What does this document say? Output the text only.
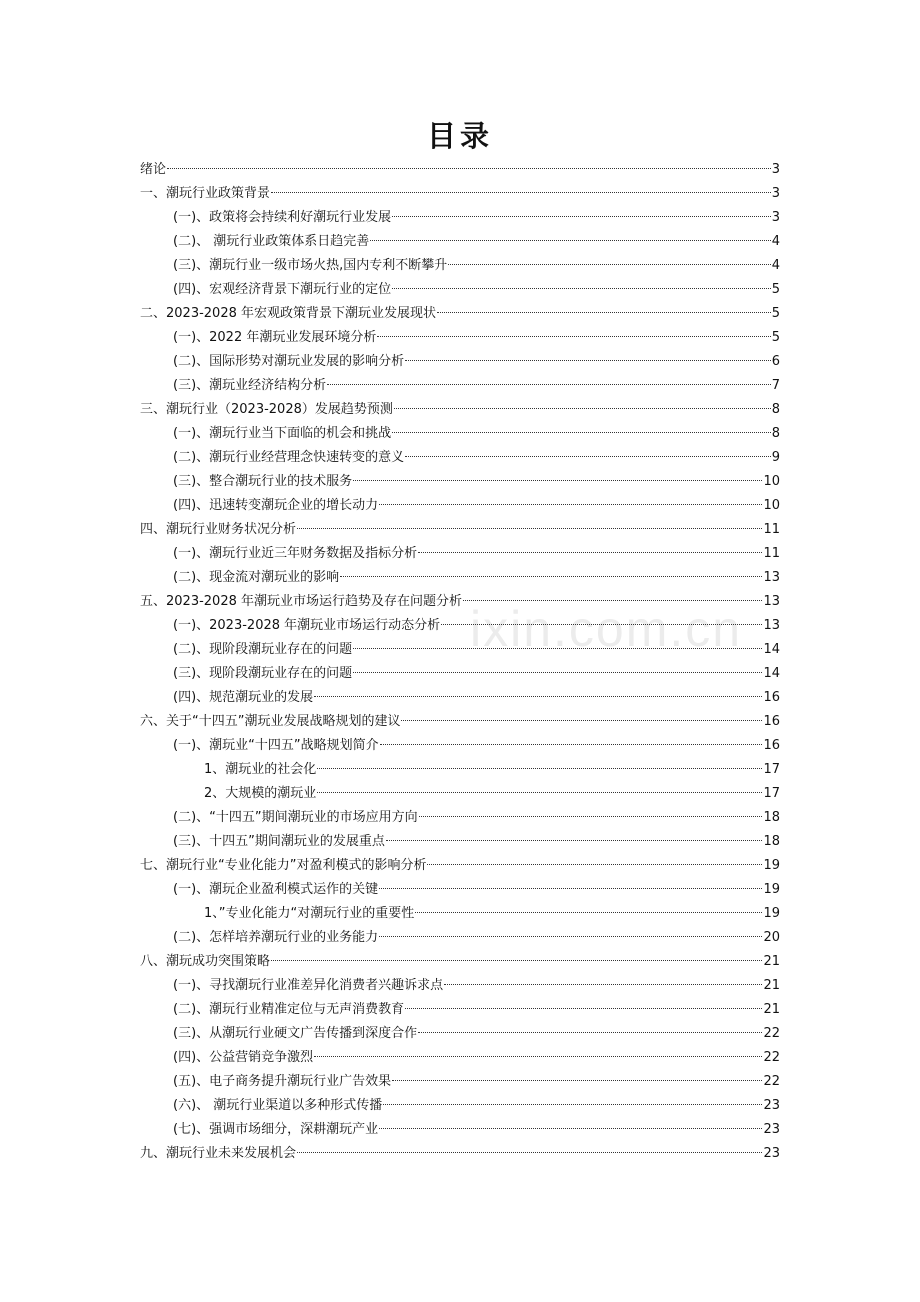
目录
ixin.com.cn
绪论	3
一、潮玩行业政策背景	3
(一)、政策将会持续利好潮玩行业发展	3
(二)、 潮玩行业政策体系日趋完善	4
(三)、潮玩行业一级市场火热,国内专利不断攀升	4
(四)、宏观经济背景下潮玩行业的定位	5
二、2023-2028 年宏观政策背景下潮玩业发展现状	5
(一)、2022 年潮玩业发展环境分析	5
(二)、国际形势对潮玩业发展的影响分析	6
(三)、潮玩业经济结构分析	7
三、潮玩行业（2023-2028）发展趋势预测	8
(一)、潮玩行业当下面临的机会和挑战	8
(二)、潮玩行业经营理念快速转变的意义	9
(三)、整合潮玩行业的技术服务	10
(四)、迅速转变潮玩企业的增长动力	10
四、潮玩行业财务状况分析	11
(一)、潮玩行业近三年财务数据及指标分析	11
(二)、现金流对潮玩业的影响	13
五、2023-2028 年潮玩业市场运行趋势及存在问题分析	13
(一)、2023-2028 年潮玩业市场运行动态分析	13
(二)、现阶段潮玩业存在的问题	14
(三)、现阶段潮玩业存在的问题	14
(四)、规范潮玩业的发展	16
六、关于“十四五”潮玩业发展战略规划的建议	16
(一)、潮玩业“十四五”战略规划简介	16
1、潮玩业的社会化	17
2、大规模的潮玩业	17
(二)、“十四五”期间潮玩业的市场应用方向	18
(三)、十四五”期间潮玩业的发展重点	18
七、潮玩行业“专业化能力”对盈利模式的影响分析	19
(一)、潮玩企业盈利模式运作的关键	19
1、”专业化能力“对潮玩行业的重要性	19
(二)、怎样培养潮玩行业的业务能力	20
八、潮玩成功突围策略	21
(一)、寻找潮玩行业准差异化消费者兴趣诉求点	21
(二)、潮玩行业精准定位与无声消费教育	21
(三)、从潮玩行业硬文广告传播到深度合作	22
(四)、公益营销竞争激烈	22
(五)、电子商务提升潮玩行业广告效果	22
(六)、 潮玩行业渠道以多种形式传播	23
(七)、强调市场细分，深耕潮玩产业	23
九、潮玩行业未来发展机会	23
